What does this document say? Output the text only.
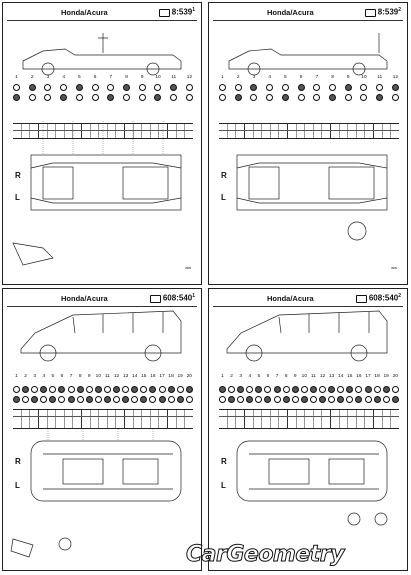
Honda/Acura	$8:539^1$
1	2	3	4	5	6	7	8	9	10 11 12
R
L
ww
Honda/Acura	$8:539^2$
1	2	3	4	5	6	7	8	9	10 11 12
R
L
ww
Honda/Acura	$608:540^1$
1	2	3	4	5	6	7	8	9	10 11 12 13 14 15 16 17 18 19 20
R
L
Honda/Acura	$608:540^2$
1	2	3	4	5	6	7	8	9	10 11 12 13 14 15 16 17 18 19 20
R
L
CarGeometry
